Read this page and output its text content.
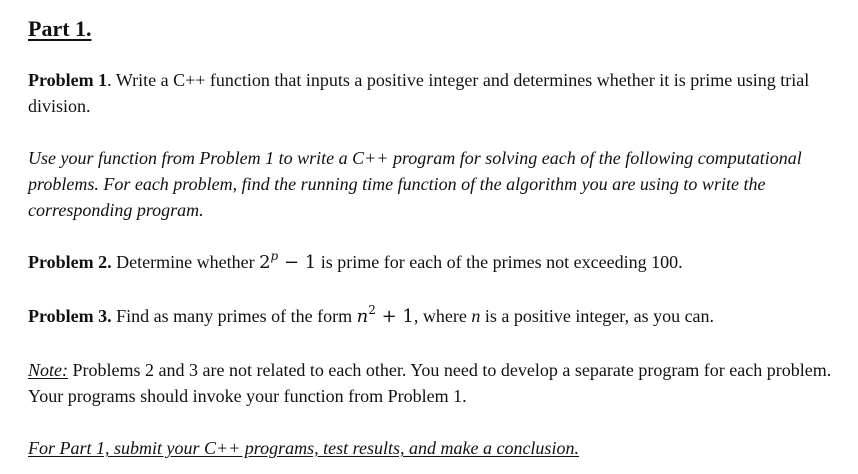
Part 1.

Problem 1. Write a C++ function that inputs a positive integer and determines whether it is prime using trial division.

Use your function from Problem 1 to write a C++ program for solving each of the following computational problems. For each problem, find the running time function of the algorithm you are using to write the corresponding program.

Problem 2. Determine whether $2^p - 1$ is prime for each of the primes not exceeding 100.

Problem 3. Find as many primes of the form $n^2 + 1$, where n is a positive integer, as you can.

Note: Problems 2 and 3 are not related to each other. You need to develop a separate program for each problem. Your programs should invoke your function from Problem 1.

For Part 1, submit your C++ programs, test results, and make a conclusion.
